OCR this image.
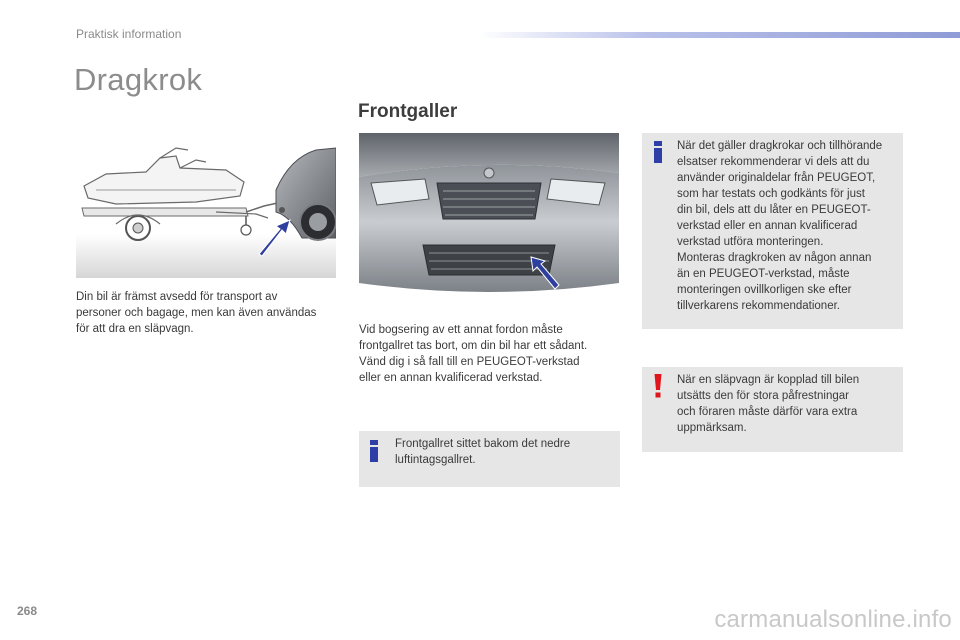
Praktisk information
Dragkrok
Frontgaller
Din bil är främst avsedd för transport av
personer och bagage, men kan även användas
för att dra en släpvagn.	Vid bogsering av ett annat fordon måste
frontgallret tas bort, om din bil har ett sådant.
Vänd dig i så fall till en PEUGEOT-verkstad
eller en annan kvalificerad verkstad.
Frontgallret sittet bakom det nedre
luftintagsgallret.
När det gäller dragkrokar och tillhörande
elsatser rekommenderar vi dels att du
använder originaldelar från PEUGEOT,
som har testats och godkänts för just
din bil, dels att du låter en PEUGEOT-
verkstad eller en annan kvalificerad
verkstad utföra monteringen.
Monteras dragkroken av någon annan
än en PEUGEOT-verkstad, måste
monteringen ovillkorligen ske efter
tillverkarens rekommendationer.
När en släpvagn är kopplad till bilen
utsätts den för stora påfrestningar
och föraren måste därför vara extra
uppmärksam.
268	carmanualsonline.info
